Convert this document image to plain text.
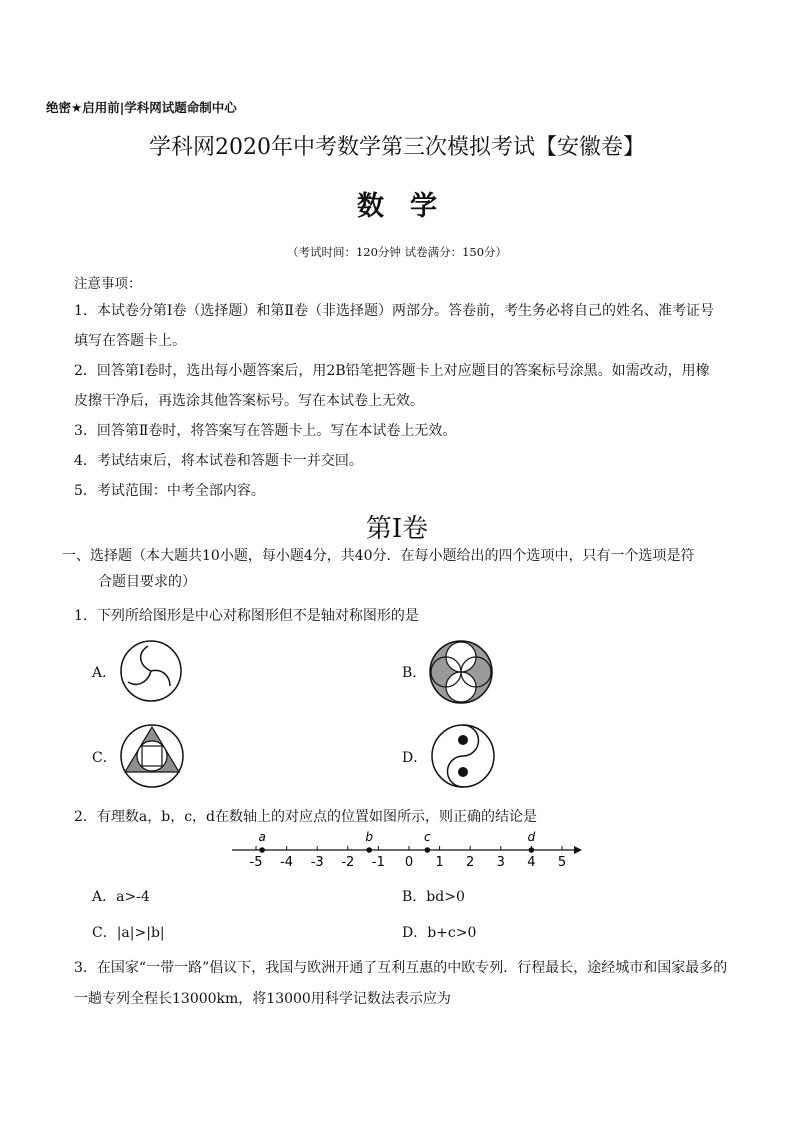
绝密★启用前|学科网试题命制中心
学科网2020年中考数学第三次模拟考试【安徽卷】
数学
（考试时间：120分钟 试卷满分：150分）
注意事项：
1．本试卷分第Ⅰ卷（选择题）和第Ⅱ卷（非选择题）两部分。答卷前，考生务必将自己的姓名、准考证号
填写在答题卡上。
2．回答第Ⅰ卷时，选出每小题答案后，用2B铅笔把答题卡上对应题目的答案标号涂黑。如需改动，用橡
皮擦干净后，再选涂其他答案标号。写在本试卷上无效。
3．回答第Ⅱ卷时，将答案写在答题卡上。写在本试卷上无效。
4．考试结束后，将本试卷和答题卡一并交回。
5．考试范围：中考全部内容。
第Ⅰ卷
一、选择题（本大题共10小题，每小题4分，共40分．在每小题给出的四个选项中，只有一个选项是符
合题目要求的）
1．下列所给图形是中心对称图形但不是轴对称图形的是
A．	B．
C．	D．
2．有理数a，b，c，d在数轴上的对应点的位置如图所示，则正确的结论是
-5 -4 -3 -2 -1 0 1 2 3 4 5
a	b	c	d
A．a>-4	B．bd>0
C．|a|>|b|	D．b+c>0
3．在国家“一带一路”倡议下，我国与欧洲开通了互利互惠的中欧专列．行程最长，途经城市和国家最多的
一趟专列全程长13000km，将13000用科学记数法表示应为
